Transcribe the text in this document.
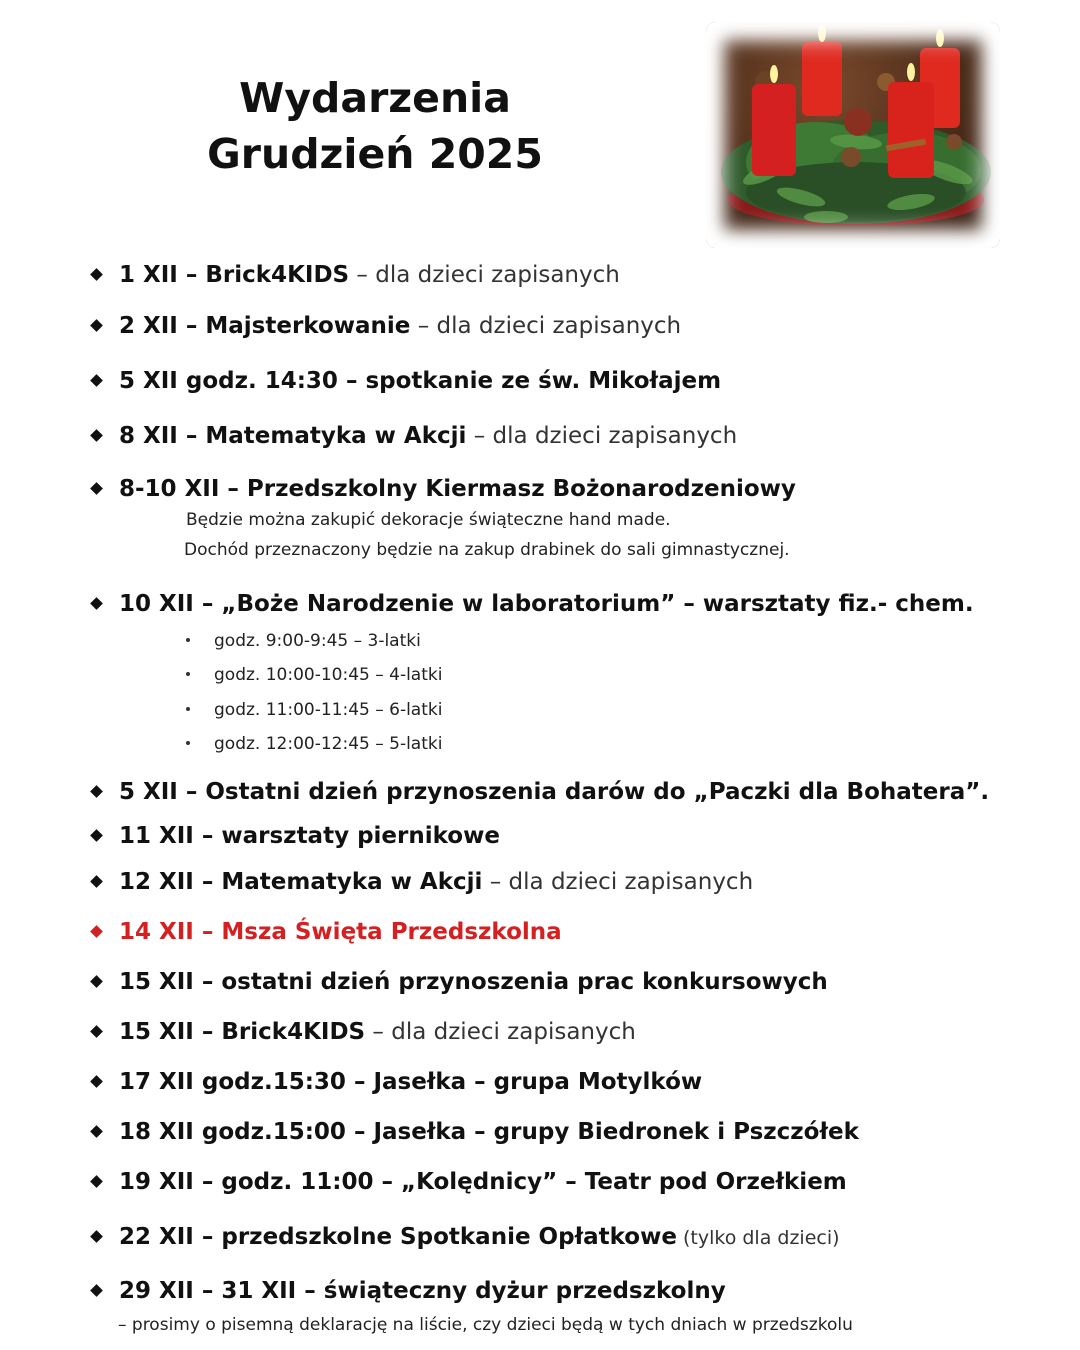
Wydarzenia
Grudzień 2025
1 XII – Brick4KIDS – dla dzieci zapisanych
2 XII – Majsterkowanie – dla dzieci zapisanych
5 XII godz. 14:30 – spotkanie ze św. Mikołajem
8 XII – Matematyka w Akcji – dla dzieci zapisanych
8-10 XII – Przedszkolny Kiermasz Bożonarodzeniowy
Będzie można zakupić dekoracje świąteczne hand made.
Dochód przeznaczony będzie na zakup drabinek do sali gimnastycznej.
10 XII – „Boże Narodzenie w laboratorium” – warsztaty fiz.- chem.
godz. 9:00-9:45 – 3-latki
godz. 10:00-10:45 – 4-latki
godz. 11:00-11:45 – 6-latki
godz. 12:00-12:45 – 5-latki
5 XII – Ostatni dzień przynoszenia darów do „Paczki dla Bohatera”.
11 XII – warsztaty piernikowe
12 XII – Matematyka w Akcji – dla dzieci zapisanych
14 XII – Msza Święta Przedszkolna
15 XII – ostatni dzień przynoszenia prac konkursowych
15 XII – Brick4KIDS – dla dzieci zapisanych
17 XII godz.15:30 – Jasełka – grupa Motylków
18 XII godz.15:00 – Jasełka – grupy Biedronek i Pszczółek
19 XII – godz. 11:00 – „Kolędnicy” – Teatr pod Orzełkiem
22 XII – przedszkolne Spotkanie Opłatkowe (tylko dla dzieci)
29 XII – 31 XII – świąteczny dyżur przedszkolny
– prosimy o pisemną deklarację na liście, czy dzieci będą w tych dniach w przedszkolu
